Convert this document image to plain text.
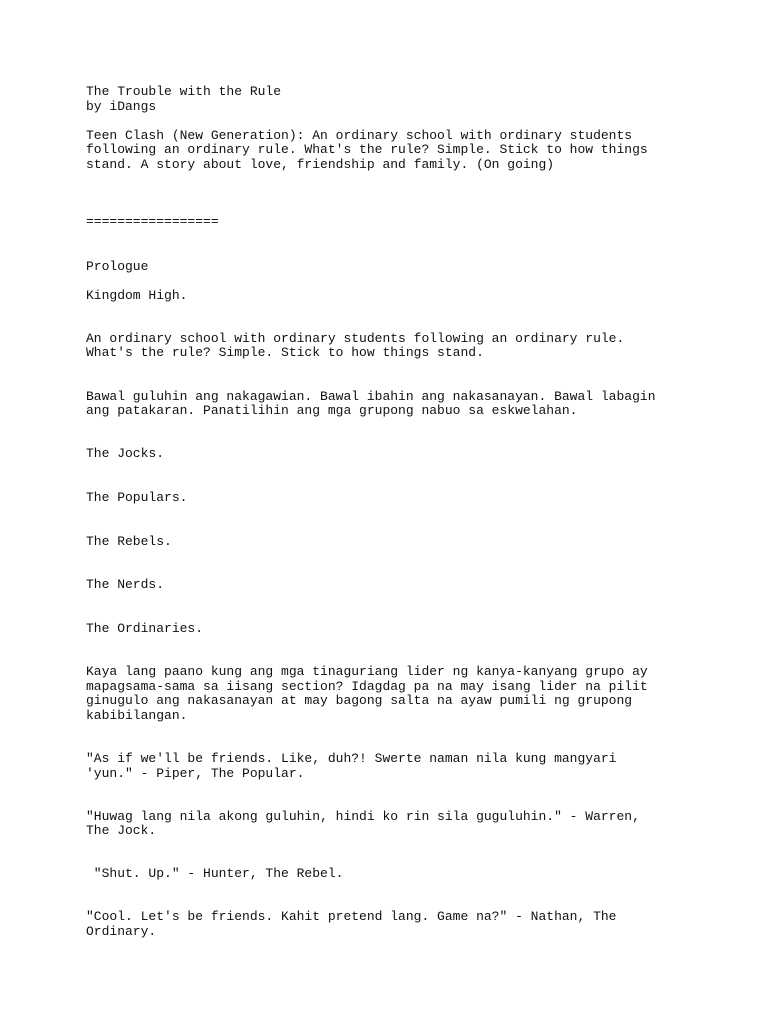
The Trouble with the Rule

by iDangs

Teen Clash (New Generation): An ordinary school with ordinary students

following an ordinary rule. What's the rule? Simple. Stick to how things

stand. A story about love, friendship and family. (On going)

=================

Prologue

Kingdom High.

An ordinary school with ordinary students following an ordinary rule.

What's the rule? Simple. Stick to how things stand.

Bawal guluhin ang nakagawian. Bawal ibahin ang nakasanayan. Bawal labagin

ang patakaran. Panatilihin ang mga grupong nabuo sa eskwelahan.

The Jocks.

The Populars.

The Rebels.

The Nerds.

The Ordinaries.

Kaya lang paano kung ang mga tinaguriang lider ng kanya-kanyang grupo ay

mapagsama-sama sa iisang section? Idagdag pa na may isang lider na pilit

ginugulo ang nakasanayan at may bagong salta na ayaw pumili ng grupong

kabibilangan.

"As if we'll be friends. Like, duh?! Swerte naman nila kung mangyari

'yun." - Piper, The Popular.

"Huwag lang nila akong guluhin, hindi ko rin sila guguluhin." - Warren,

The Jock.

"Shut. Up." - Hunter, The Rebel.

"Cool. Let's be friends. Kahit pretend lang. Game na?" - Nathan, The

Ordinary.
